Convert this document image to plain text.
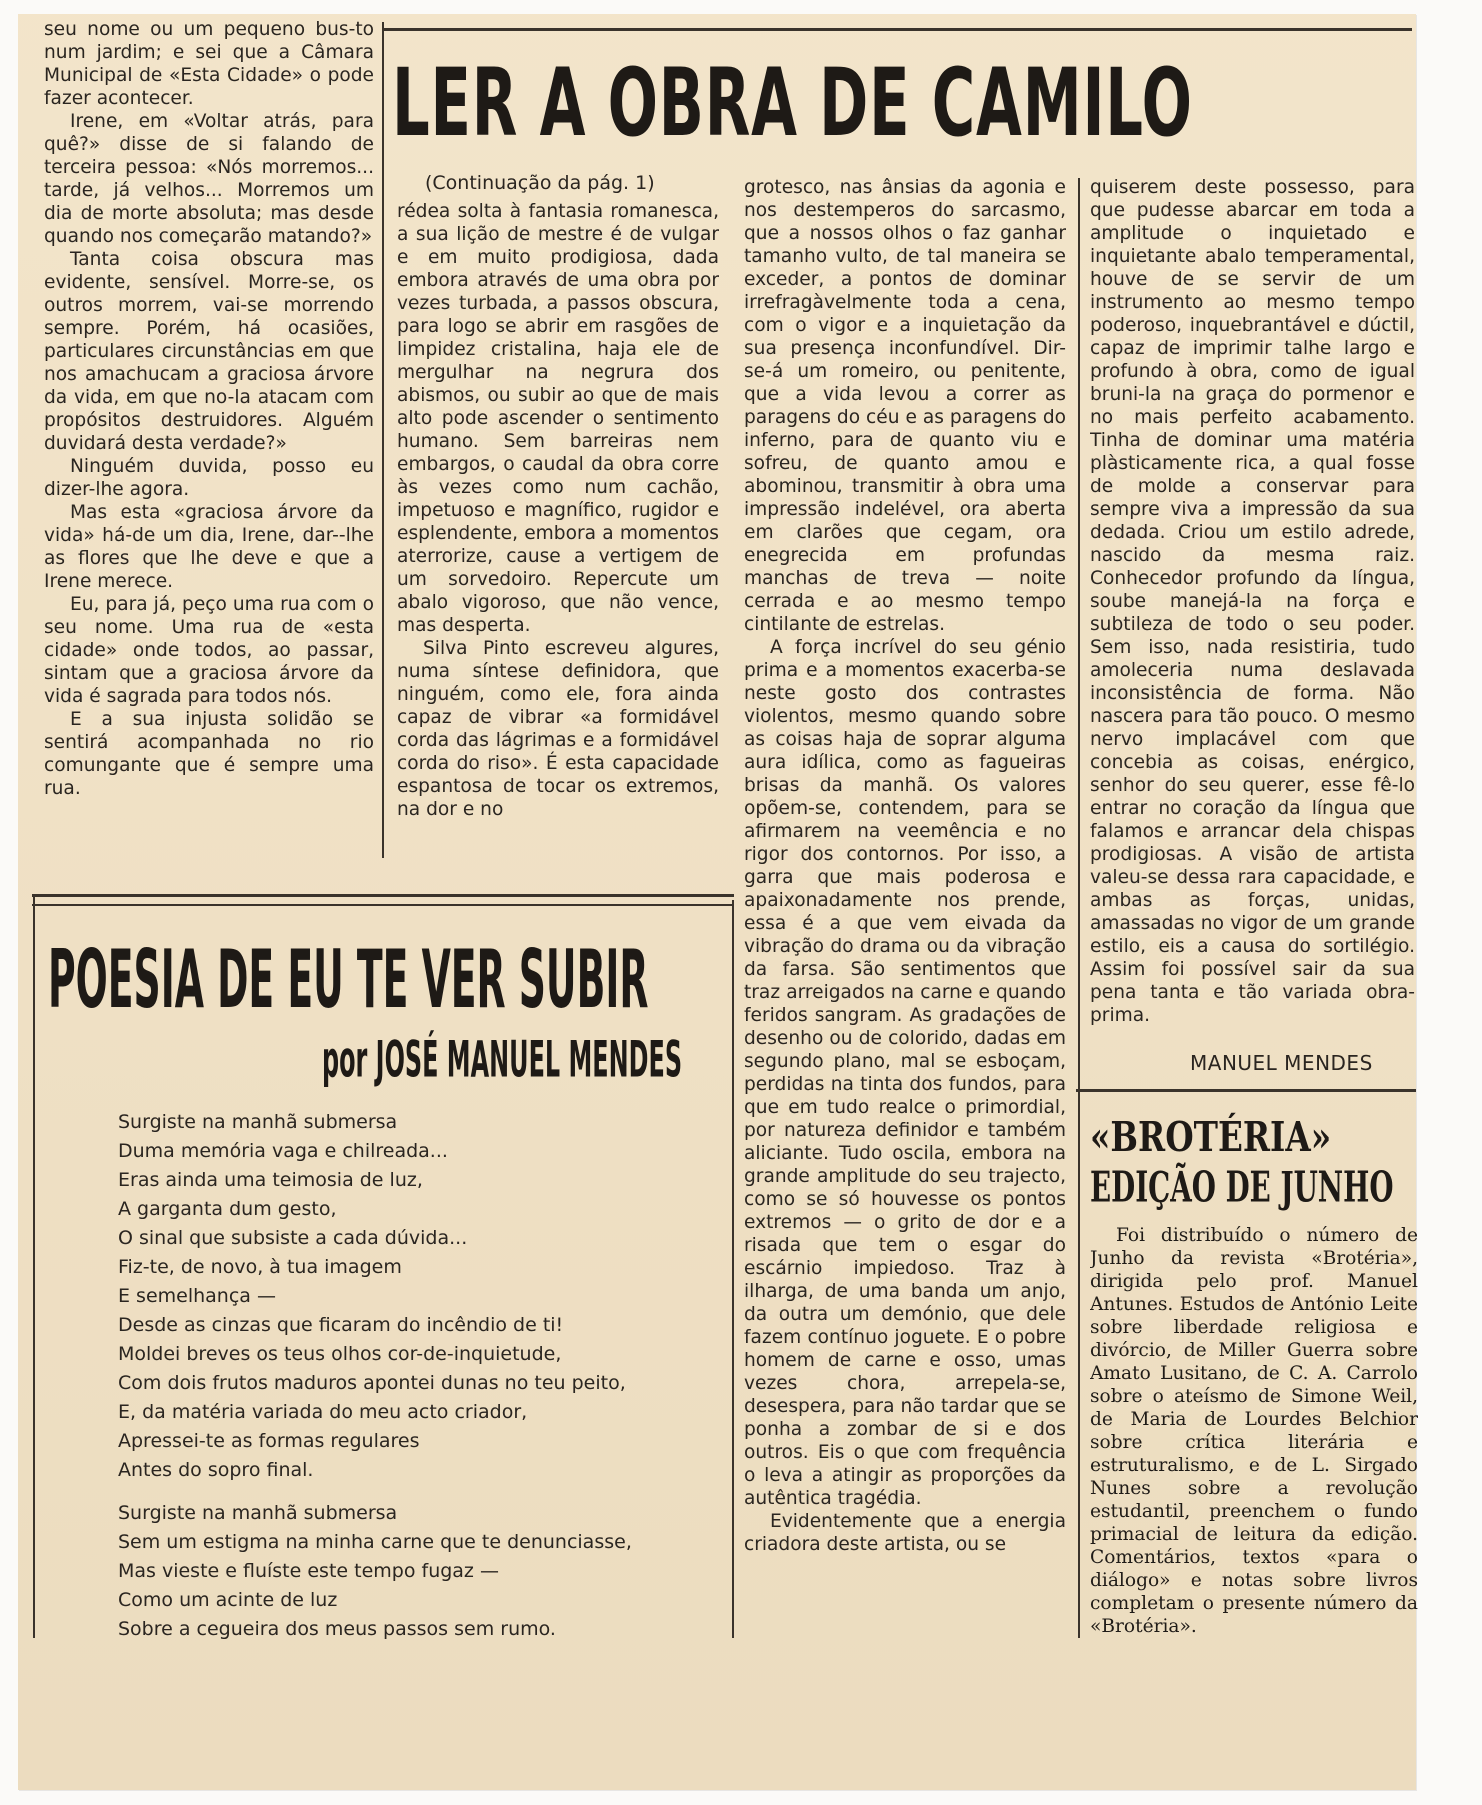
seu nome ou um pequeno bus-to num jardim; e sei que a Câmara Municipal de «Esta Cidade» o pode fazer acontecer.

Irene, em «Voltar atrás, para quê?» disse de si falando de terceira pessoa: «Nós morremos... tarde, já velhos... Morremos um dia de morte absoluta; mas desde quando nos começarão matando?»

Tanta coisa obscura mas evidente, sensível. Morre-se, os outros morrem, vai-se morrendo sempre. Porém, há ocasiões, particulares circunstâncias em que nos amachucam a graciosa árvore da vida, em que no-la atacam com propósitos destruidores. Alguém duvidará desta verdade?»

Ninguém duvida, posso eu dizer-lhe agora.

Mas esta «graciosa árvore da vida» há-de um dia, Irene, dar--lhe as flores que lhe deve e que a Irene merece.

Eu, para já, peço uma rua com o seu nome. Uma rua de «esta cidade» onde todos, ao passar, sintam que a graciosa árvore da vida é sagrada para todos nós.

E a sua injusta solidão se sentirá acompanhada no rio comungante que é sempre uma rua.

LER A OBRA DE CAMILO
(Continuação da pág. 1)

rédea solta à fantasia romanesca, a sua lição de mestre é de vulgar e em muito prodigiosa, dada embora através de uma obra por vezes turbada, a passos obscura, para logo se abrir em rasgões de limpidez cristalina, haja ele de mergulhar na negrura dos abismos, ou subir ao que de mais alto pode ascender o sentimento humano. Sem barreiras nem embargos, o caudal da obra corre às vezes como num cachão, impetuoso e magnífico, rugidor e esplendente, embora a momentos aterrorize, cause a vertigem de um sorvedoiro. Repercute um abalo vigoroso, que não vence, mas desperta.

Silva Pinto escreveu algures, numa síntese definidora, que ninguém, como ele, fora ainda capaz de vibrar «a formidável corda das lágrimas e a formidável corda do riso». É esta capacidade espantosa de tocar os extremos, na dor e no

grotesco, nas ânsias da agonia e nos destemperos do sarcasmo, que a nossos olhos o faz ganhar tamanho vulto, de tal maneira se exceder, a pontos de dominar irrefragàvelmente toda a cena, com o vigor e a inquietação da sua presença inconfundível. Dir-se-á um romeiro, ou penitente, que a vida levou a correr as paragens do céu e as paragens do inferno, para de quanto viu e sofreu, de quanto amou e abominou, transmitir à obra uma impressão indelével, ora aberta em clarões que cegam, ora enegrecida em profundas manchas de treva — noite cerrada e ao mesmo tempo cintilante de estrelas.

A força incrível do seu génio prima e a momentos exacerba-se neste gosto dos contrastes violentos, mesmo quando sobre as coisas haja de soprar alguma aura idílica, como as fagueiras brisas da manhã. Os valores opõem-se, contendem, para se afirmarem na veemência e no rigor dos contornos. Por isso, a garra que mais poderosa e apaixonadamente nos prende, essa é a que vem eivada da vibração do drama ou da vibração da farsa. São sentimentos que traz arreigados na carne e quando feridos sangram. As gradações de desenho ou de colorido, dadas em segundo plano, mal se esboçam, perdidas na tinta dos fundos, para que em tudo realce o primordial, por natureza definidor e também aliciante. Tudo oscila, embora na grande amplitude do seu trajecto, como se só houvesse os pontos extremos — o grito de dor e a risada que tem o esgar do escárnio impiedoso. Traz à ilharga, de uma banda um anjo, da outra um demónio, que dele fazem contínuo joguete. E o pobre homem de carne e osso, umas vezes chora, arrepela-se, desespera, para não tardar que se ponha a zombar de si e dos outros. Eis o que com frequência o leva a atingir as proporções da autêntica tragédia.

Evidentemente que a energia criadora deste artista, ou se

quiserem deste possesso, para que pudesse abarcar em toda a amplitude o inquietado e inquietante abalo temperamental, houve de se servir de um instrumento ao mesmo tempo poderoso, inquebrantável e dúctil, capaz de imprimir talhe largo e profundo à obra, como de igual bruni-la na graça do pormenor e no mais perfeito acabamento. Tinha de dominar uma matéria plàsticamente rica, a qual fosse de molde a conservar para sempre viva a impressão da sua dedada. Criou um estilo adrede, nascido da mesma raiz. Conhecedor profundo da língua, soube manejá-la na força e subtileza de todo o seu poder. Sem isso, nada resistiria, tudo amoleceria numa deslavada inconsistência de forma. Não nascera para tão pouco. O mesmo nervo implacável com que concebia as coisas, enérgico, senhor do seu querer, esse fê-lo entrar no coração da língua que falamos e arrancar dela chispas prodigiosas. A visão de artista valeu-se dessa rara capacidade, e ambas as forças, unidas, amassadas no vigor de um grande estilo, eis a causa do sortilégio. Assim foi possível sair da sua pena tanta e tão variada obra-prima.

MANUEL MENDES
POESIA DE EU TE VER SUBIR
por JOSÉ MANUEL MENDES
Surgiste na manhã submersa
Duma memória vaga e chilreada...
Eras ainda uma teimosia de luz,
A garganta dum gesto,
O sinal que subsiste a cada dúvida...
Fiz-te, de novo, à tua imagem
E semelhança —
Desde as cinzas que ficaram do incêndio de ti!
Moldei breves os teus olhos cor-de-inquietude,
Com dois frutos maduros apontei dunas no teu peito,
E, da matéria variada do meu acto criador,
Apressei-te as formas regulares
Antes do sopro final.
Surgiste na manhã submersa
Sem um estigma na minha carne que te denunciasse,
Mas vieste e fluíste este tempo fugaz —
Como um acinte de luz
Sobre a cegueira dos meus passos sem rumo.
«BROTÉRIA»
EDIÇÃO DE JUNHO

Foi distribuído o número de Junho da revista «Brotéria», dirigida pelo prof. Manuel Antunes. Estudos de António Leite sobre liberdade religiosa e divórcio, de Miller Guerra sobre Amato Lusitano, de C. A. Carrolo sobre o ateísmo de Simone Weil, de Maria de Lourdes Belchior sobre crítica literária e estruturalismo, e de L. Sirgado Nunes sobre a revolução estudantil, preenchem o fundo primacial de leitura da edição. Comentários, textos «para o diálogo» e notas sobre livros completam o presente número da «Brotéria».
